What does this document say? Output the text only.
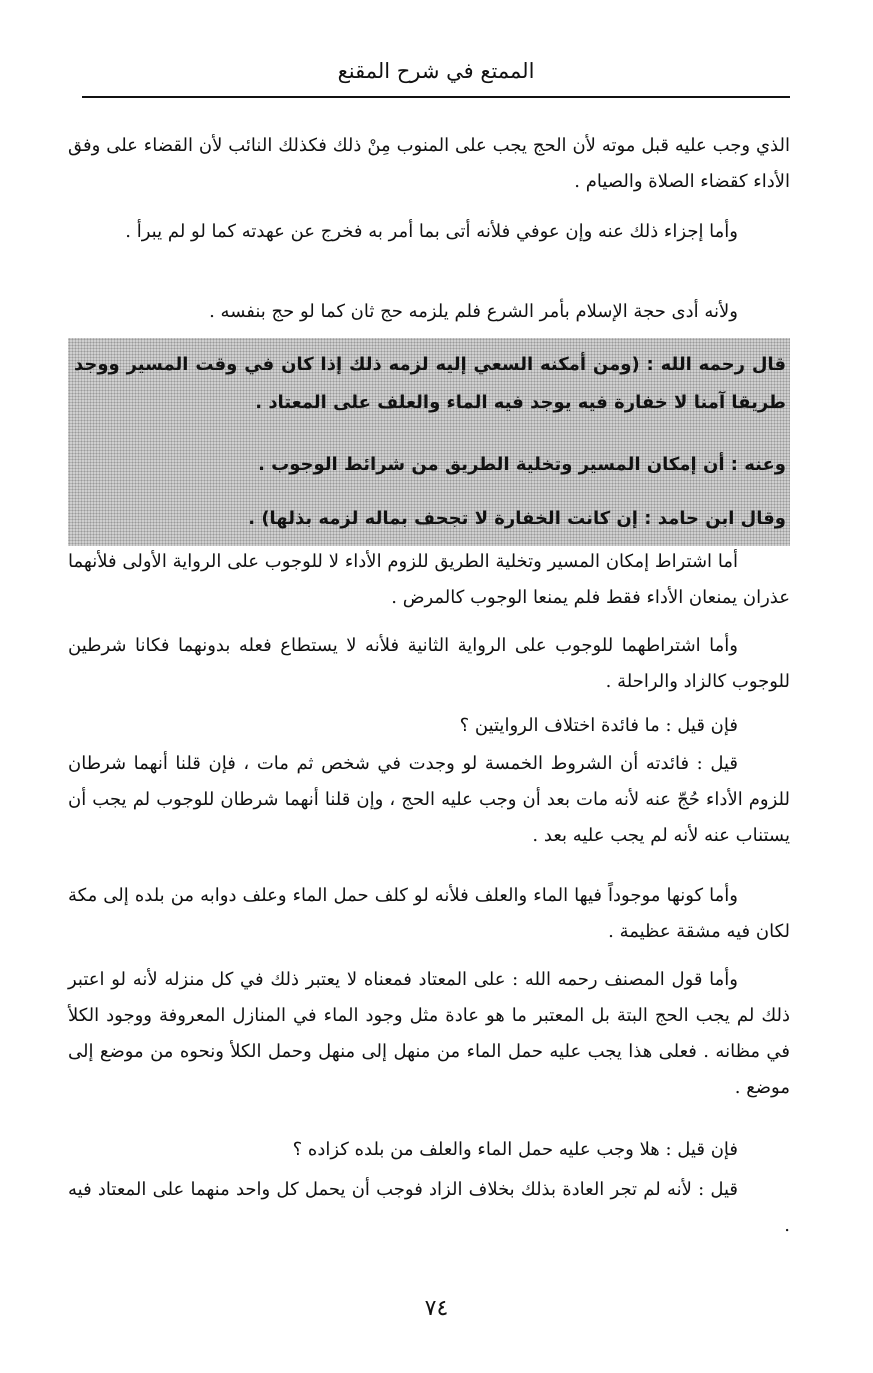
الممتع في شرح المقنع
الذي وجب عليه قبل موته لأن الحج يجب على المنوب مِنْ ذلك فكذلك النائب لأن القضاء على وفق الأداء كقضاء الصلاة والصيام .
وأما إجزاء ذلك عنه وإن عوفي فلأنه أتى بما أمر به فخرج عن عهدته كما لو لم يبرأ .
ولأنه أدى حجة الإسلام بأمر الشرع فلم يلزمه حج ثان كما لو حج بنفسه .
قال رحمه الله : (ومن أمكنه السعي إليه لزمه ذلك إذا كان في وقت المسير ووجد طريقا آمنا لا خفارة فيه يوجد فيه الماء والعلف على المعتاد .
وعنه : أن إمكان المسير وتخلية الطريق من شرائط الوجوب .
وقال ابن حامد : إن كانت الخفارة لا تجحف بماله لزمه بذلها) .
أما اشتراط إمكان المسير وتخلية الطريق للزوم الأداء لا للوجوب على الرواية الأولى فلأنهما عذران يمنعان الأداء فقط فلم يمنعا الوجوب كالمرض .
وأما اشتراطهما للوجوب على الرواية الثانية فلأنه لا يستطاع فعله بدونهما فكانا شرطين للوجوب كالزاد والراحلة .
فإن قيل : ما فائدة اختلاف الروايتين ؟
قيل : فائدته أن الشروط الخمسة لو وجدت في شخص ثم مات ، فإن قلنا أنهما شرطان للزوم الأداء حُجّ عنه لأنه مات بعد أن وجب عليه الحج ، وإن قلنا أنهما شرطان للوجوب لم يجب أن يستناب عنه لأنه لم يجب عليه بعد .
وأما كونها موجوداً فيها الماء والعلف فلأنه لو كلف حمل الماء وعلف دوابه من بلده إلى مكة لكان فيه مشقة عظيمة .
وأما قول المصنف رحمه الله : على المعتاد فمعناه لا يعتبر ذلك في كل منزله لأنه لو اعتبر ذلك لم يجب الحج البتة بل المعتبر ما هو عادة مثل وجود الماء في المنازل المعروفة ووجود الكلأ في مظانه . فعلى هذا يجب عليه حمل الماء من منهل إلى منهل وحمل الكلأ ونحوه من موضع إلى موضع .
فإن قيل : هلا وجب عليه حمل الماء والعلف من بلده كزاده ؟
قيل : لأنه لم تجر العادة بذلك بخلاف الزاد فوجب أن يحمل كل واحد منهما على المعتاد فيه .
٧٤
